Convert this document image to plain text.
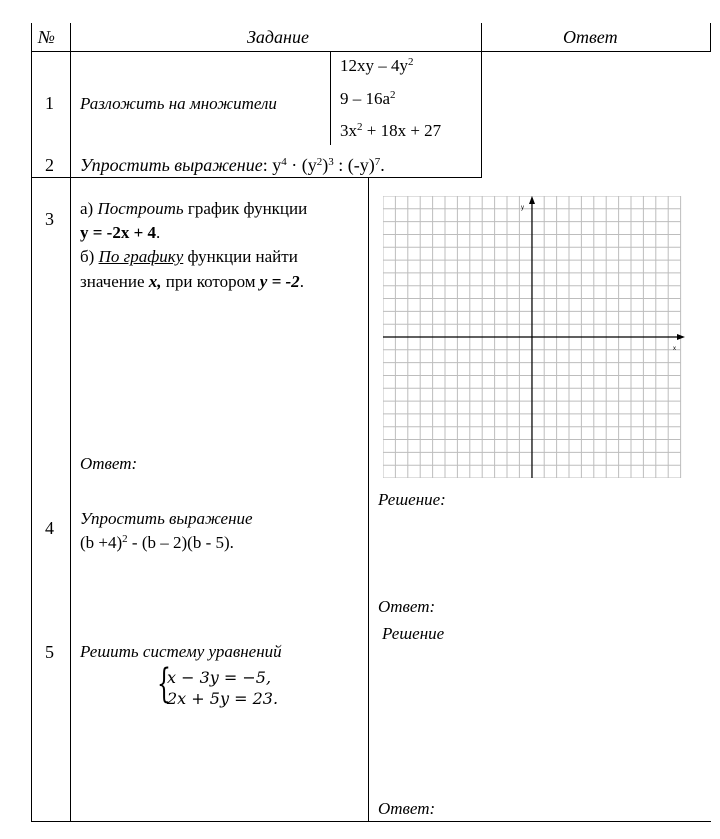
№	Задание	Ответ
1 Разложить на множители
$12xy - 4y^2$
$9 - 16a^2$
$3x^2 + 18x + 27$
2 Упростить выражение: $y^4 \cdot (y^2)^3$ : $(-y)^7$.
3
а) Построить график функции
y = -2x + 4.
б) По графику функции найти
значение x, при котором y = -2.
Ответ:
y
x
4 Упростить выражение
$(b +4)^2 - (b - 2)(b - 5)$.
Решение:
Ответ:
5 Решить систему уравнений
{
x − 3y = −5,
2x + 5y = 23.
Решение
Ответ:
